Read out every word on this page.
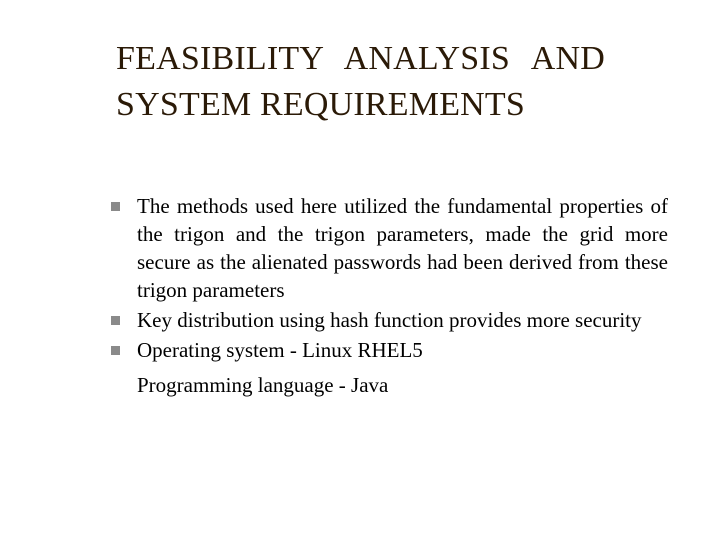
FEASIBILITY ANALYSIS AND
SYSTEM REQUIREMENTS
The methods used here utilized the fundamental properties of the trigon and the trigon parameters, made the grid more secure as the alienated passwords had been derived from these trigon parameters
Key distribution using hash function provides more security
Operating system - Linux RHEL5
Programming language - Java
